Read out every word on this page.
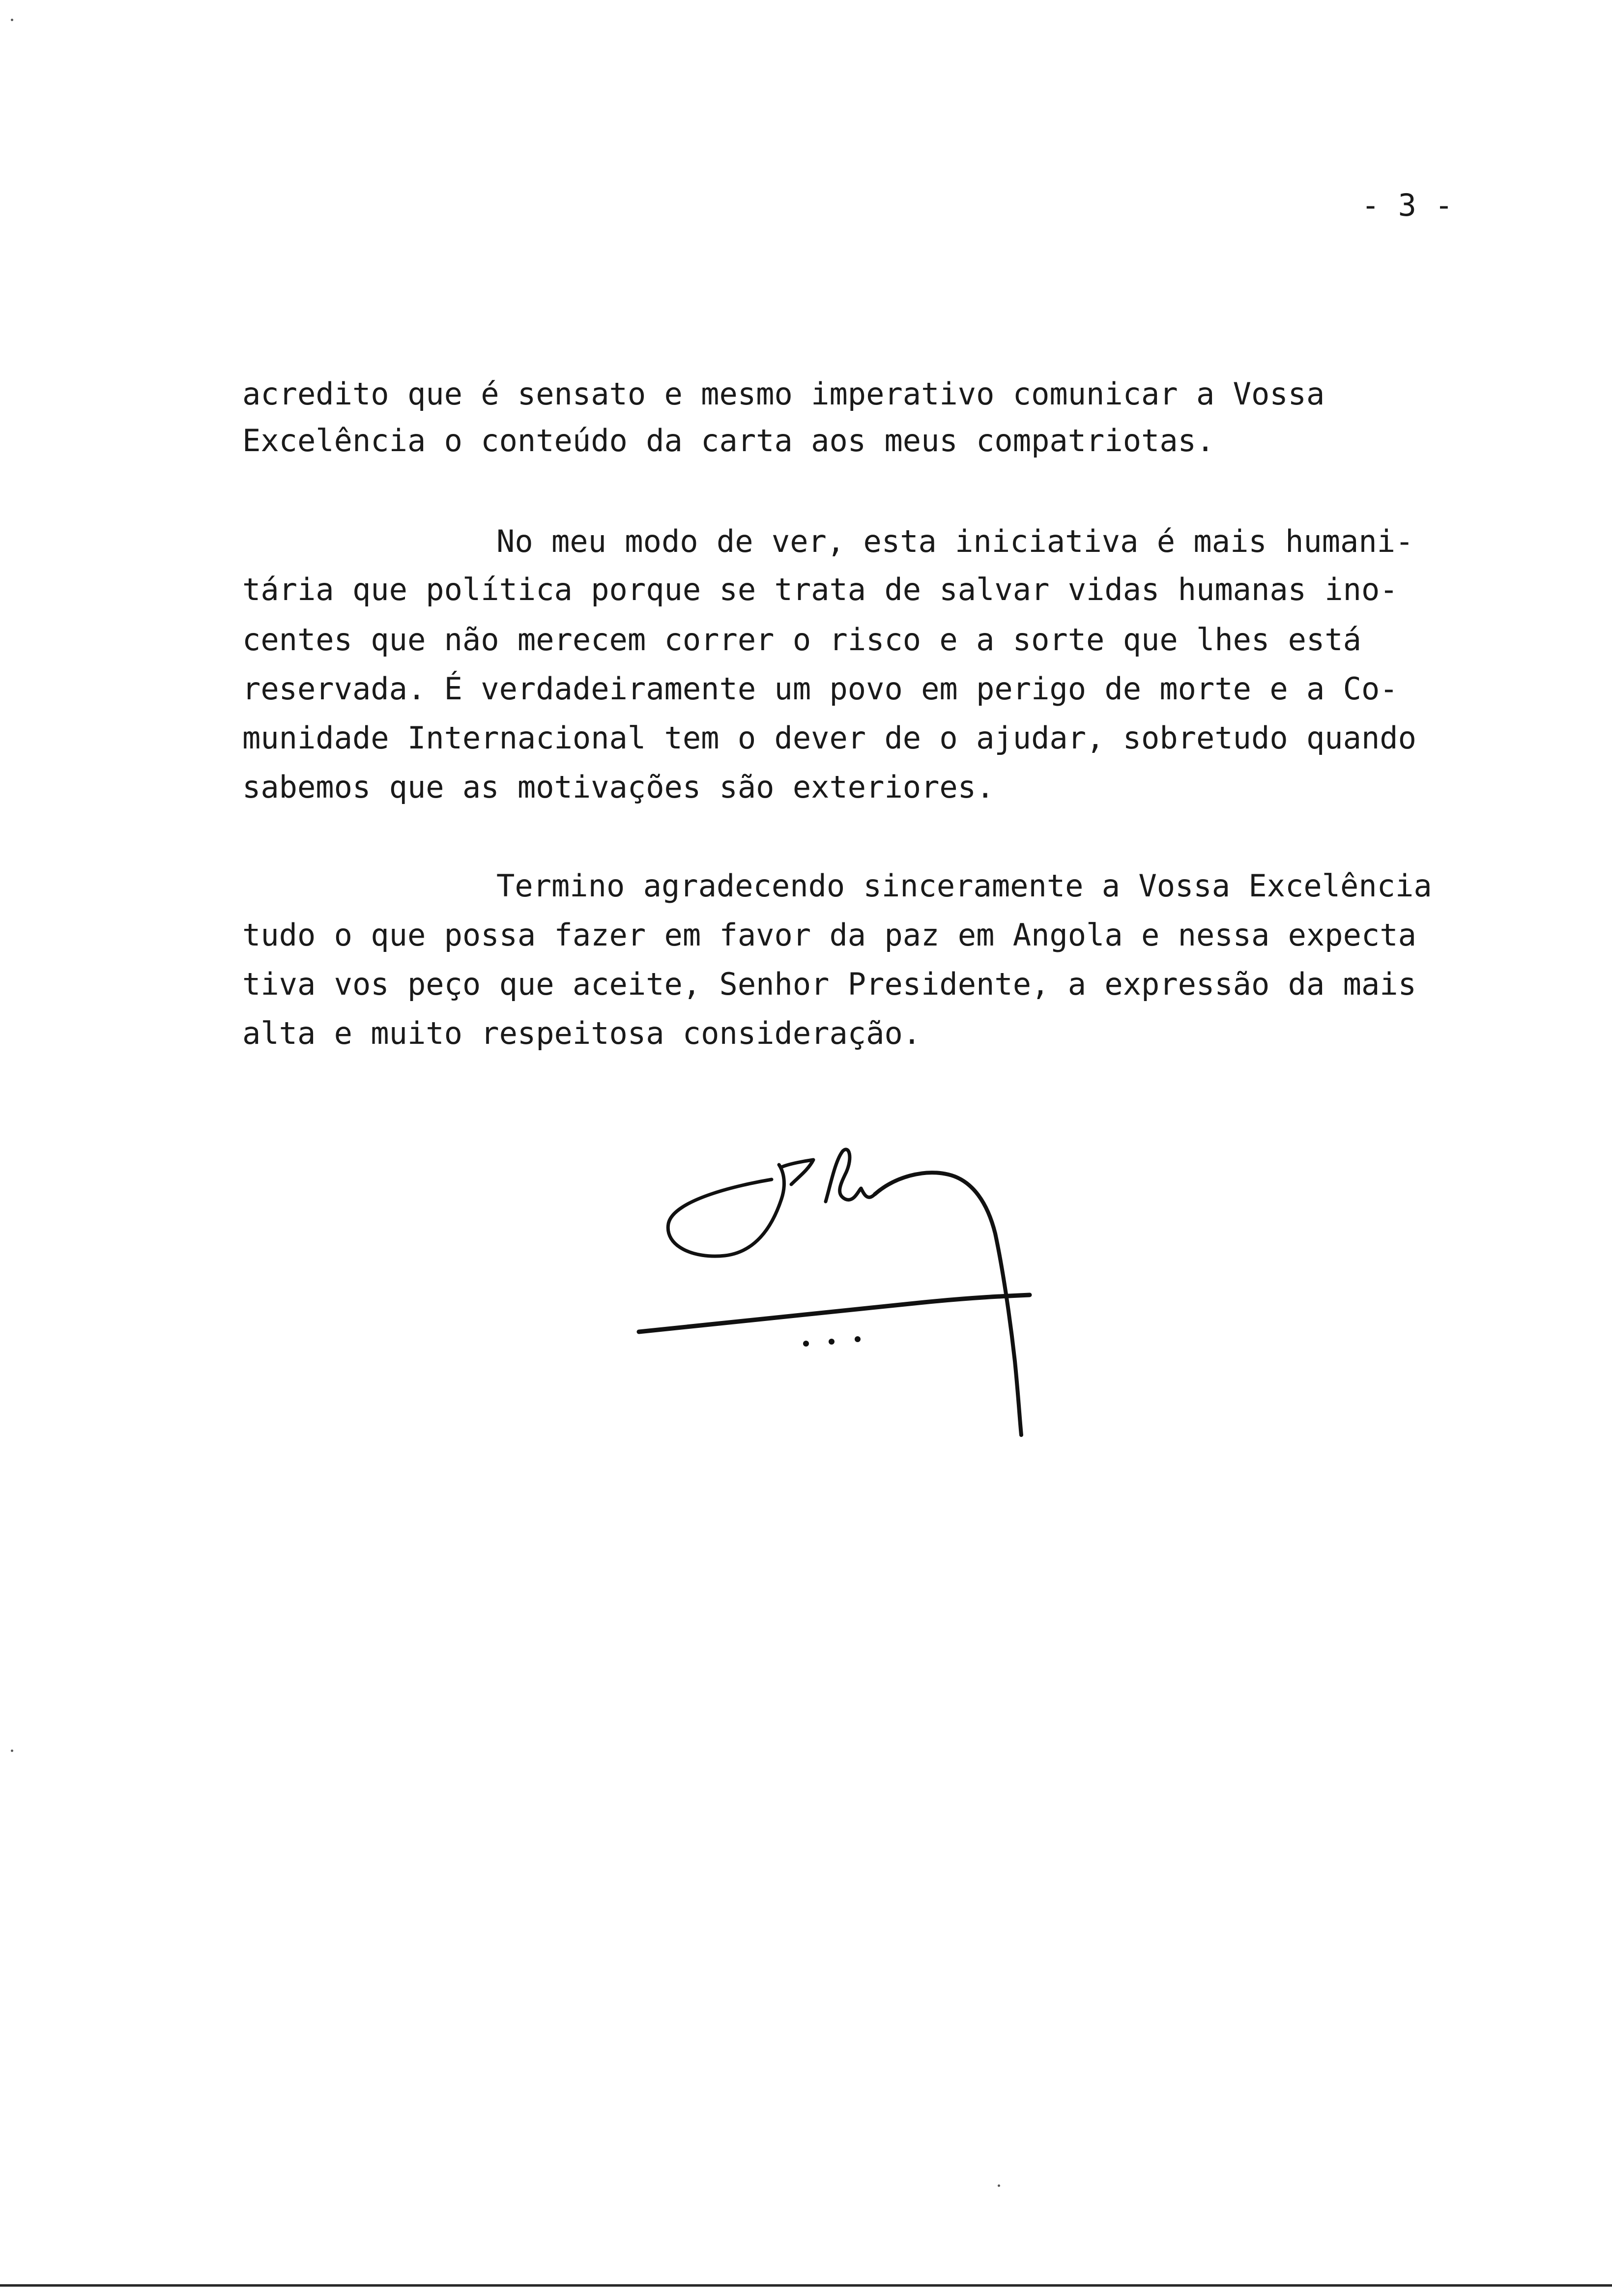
- 3 -
acredito que é sensato e mesmo imperativo comunicar a Vossa
Excelência o conteúdo da carta aos meus compatriotas.
No meu modo de ver, esta iniciativa é mais humani-
tária que política porque se trata de salvar vidas humanas ino-
centes que não merecem correr o risco e a sorte que lhes está
reservada. É verdadeiramente um povo em perigo de morte e a Co-
munidade Internacional tem o dever de o ajudar, sobretudo quando
sabemos que as motivações são exteriores.
Termino agradecendo sinceramente a Vossa Excelência
tudo o que possa fazer em favor da paz em Angola e nessa expecta
tiva vos peço que aceite, Senhor Presidente, a expressão da mais
alta e muito respeitosa consideração.
